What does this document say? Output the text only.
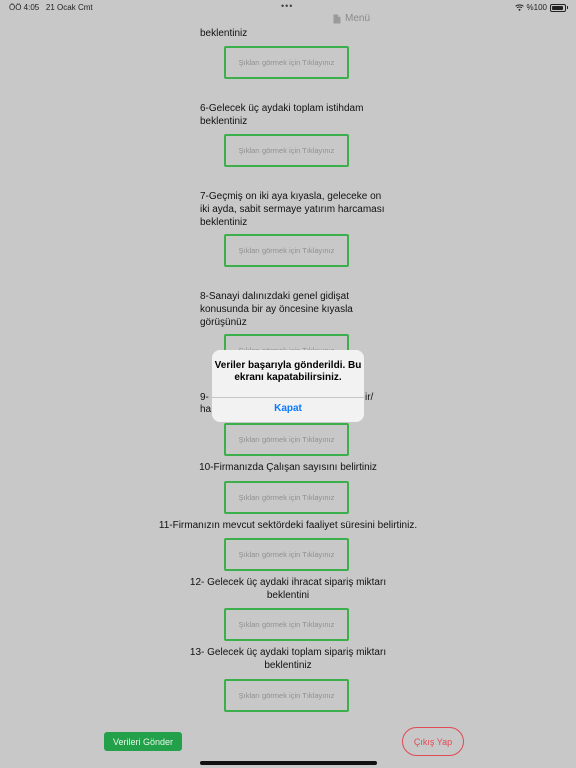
ÖÖ 4:05 21 Ocak Cmt	•••	%100
Menü
beklentiniz
Şıkları görmek için Tıklayınız
6-Gelecek üç aydaki toplam istihdam beklentiniz
Şıkları görmek için Tıklayınız
7-Geçmiş on iki aya kıyasla, geleceke on iki ayda, sabit sermaye yatırım harcaması beklentiniz
Şıkları görmek için Tıklayınız
8-Sanayi dalınızdaki genel gidişat konusunda bir ay öncesine kıyasla görüşünüz
9-	ir/
ha
Şıkları görmek için Tıklayınız
10-Firmanızda Çalışan sayısını belirtiniz
Şıkları görmek için Tıklayınız
11-Firmanızın mevcut sektördeki faaliyet süresini belirtiniz.
Şıkları görmek için Tıklayınız
12- Gelecek üç aydaki ihracat sipariş miktarı beklentini
Şıkları görmek için Tıklayınız
13- Gelecek üç aydaki toplam sipariş miktarı beklentiniz
Şıkları görmek için Tıklayınız
Veriler başarıyla gönderildi. Bu ekranı kapatabilirsiniz.
Kapat
Verileri Gönder	Çıkış Yap
